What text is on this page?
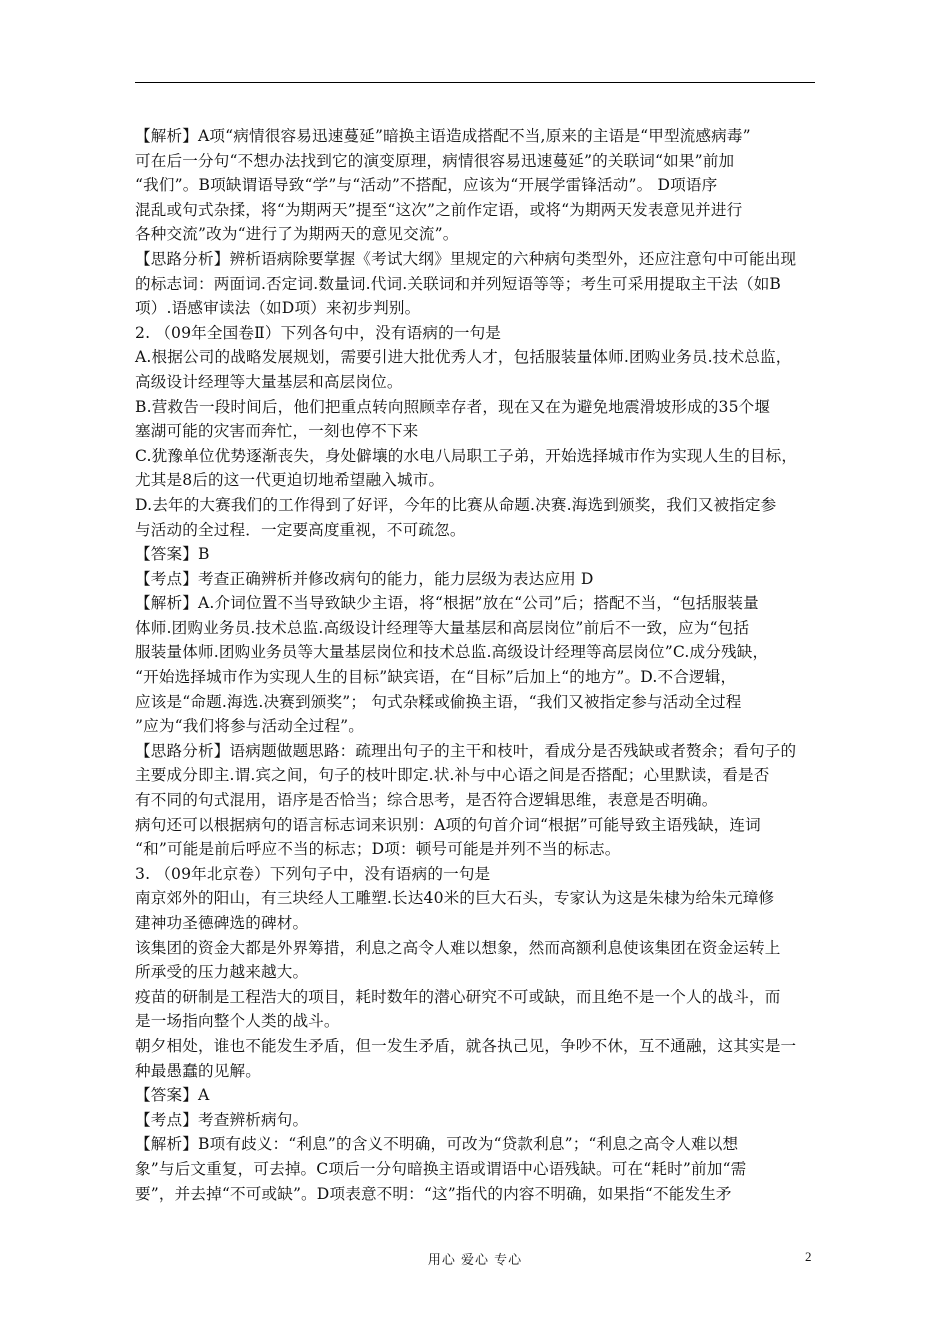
【解析】A项“病情很容易迅速蔓延”暗换主语造成搭配不当,原来的主语是“甲型流感病毒”
可在后一分句“不想办法找到它的演变原理，病情很容易迅速蔓延”的关联词“如果”前加
“我们”。B项缺谓语导致“学”与“活动”不搭配，应该为“开展学雷锋活动”。 D项语序
混乱或句式杂揉，将“为期两天”提至“这次”之前作定语，或将“为期两天发表意见并进行
各种交流”改为“进行了为期两天的意见交流”。
【思路分析】辨析语病除要掌握《考试大纲》里规定的六种病句类型外，还应注意句中可能出现
的标志词：两面词.否定词.数量词.代词.关联词和并列短语等等；考生可采用提取主干法（如B
项）.语感审读法（如D项）来初步判别。
2. （09年全国卷Ⅱ）下列各句中，没有语病的一句是
A.根据公司的战略发展规划，需要引进大批优秀人才，包括服装量体师.团购业务员.技术总监，
高级设计经理等大量基层和高层岗位。
B.营救告一段时间后，他们把重点转向照顾幸存者，现在又在为避免地震滑坡形成的35个堰
塞湖可能的灾害而奔忙，一刻也停不下来
C.犹豫单位优势逐渐丧失，身处僻壤的水电八局职工子弟，开始选择城市作为实现人生的目标，
尤其是8后的这一代更迫切地希望融入城市。
D.去年的大赛我们的工作得到了好评，今年的比赛从命题.决赛.海选到颁奖，我们又被指定参
与活动的全过程．一定要高度重视，不可疏忽。
【答案】B
【考点】考查正确辨析并修改病句的能力，能力层级为表达应用 D
【解析】A.介词位置不当导致缺少主语，将“根据”放在“公司”后；搭配不当，“包括服装量
体师.团购业务员.技术总监.高级设计经理等大量基层和高层岗位”前后不一致，应为“包括
服装量体师.团购业务员等大量基层岗位和技术总监.高级设计经理等高层岗位”C.成分残缺，
“开始选择城市作为实现人生的目标”缺宾语，在“目标”后加上“的地方”。D.不合逻辑，
应该是“命题.海选.决赛到颁奖”； 句式杂糅或偷换主语，“我们又被指定参与活动全过程
”应为“我们将参与活动全过程”。
【思路分析】语病题做题思路：疏理出句子的主干和枝叶，看成分是否残缺或者赘余；看句子的
主要成分即主.谓.宾之间，句子的枝叶即定.状.补与中心语之间是否搭配；心里默读，看是否
有不同的句式混用，语序是否恰当；综合思考，是否符合逻辑思维，表意是否明确。
病句还可以根据病句的语言标志词来识别：A项的句首介词“根据”可能导致主语残缺，连词
“和”可能是前后呼应不当的标志；D项：顿号可能是并列不当的标志。
3. （09年北京卷）下列句子中，没有语病的一句是
南京郊外的阳山，有三块经人工雕塑.长达40米的巨大石头，专家认为这是朱棣为给朱元璋修
建神功圣德碑选的碑材。
该集团的资金大都是外界筹措，利息之高令人难以想象，然而高额利息使该集团在资金运转上
所承受的压力越来越大。
疫苗的研制是工程浩大的项目，耗时数年的潜心研究不可或缺，而且绝不是一个人的战斗，而
是一场指向整个人类的战斗。
朝夕相处，谁也不能发生矛盾，但一发生矛盾，就各执己见，争吵不休，互不通融，这其实是一
种最愚蠢的见解。
【答案】A
【考点】考查辨析病句。
【解析】B项有歧义：“利息”的含义不明确，可改为“贷款利息”；“利息之高令人难以想
象”与后文重复，可去掉。C项后一分句暗换主语或谓语中心语残缺。可在“耗时”前加“需
要”，并去掉“不可或缺”。D项表意不明：“这”指代的内容不明确，如果指“不能发生矛
用心 爱心 专心	2
